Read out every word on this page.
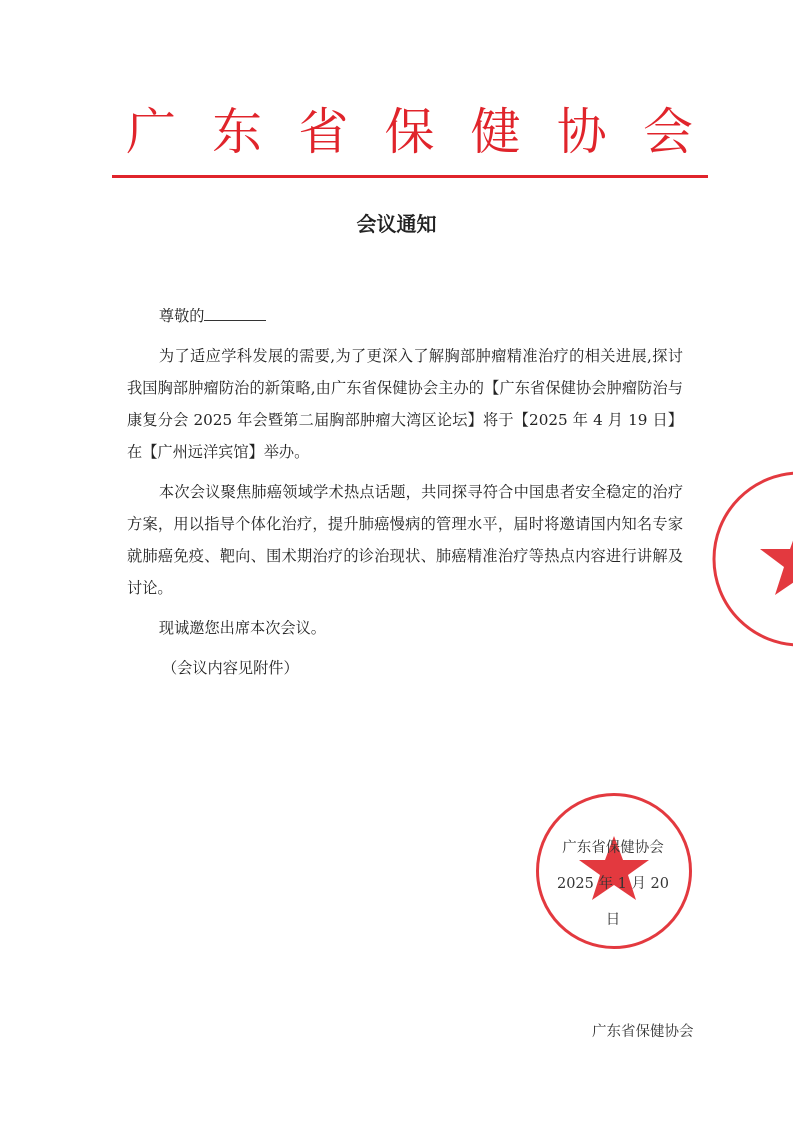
广 东 省 保 健 协 会
会议通知
尊敬的

为了适应学科发展的需要,为了更深入了解胸部肿瘤精准治疗的相关进展,探讨我国胸部肿瘤防治的新策略,由广东省保健协会主办的【广东省保健协会肿瘤防治与康复分会 2025 年会暨第二届胸部肿瘤大湾区论坛】将于【2025 年 4 月 19 日】在【广州远洋宾馆】举办。

本次会议聚焦肺癌领域学术热点话题，共同探寻符合中国患者安全稳定的治疗方案，用以指导个体化治疗，提升肺癌慢病的管理水平，届时将邀请国内知名专家就肺癌免疫、靶向、围术期治疗的诊治现状、肺癌精准治疗等热点内容进行讲解及讨论。

现诚邀您出席本次会议。

（会议内容见附件）

广东省保健协会
2025 年 1 月 20 日
广东省保健协会
